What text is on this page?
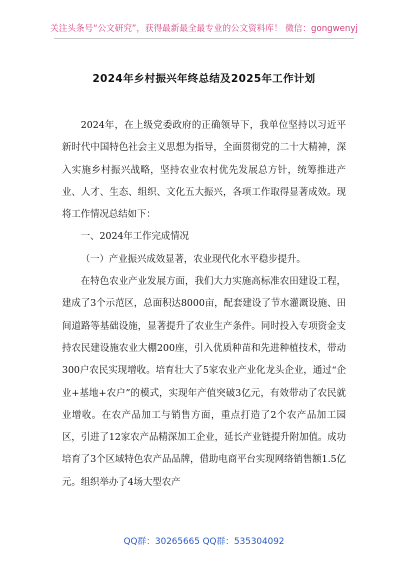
关注头条号“公文研究”，获得最新最全最专业的公文资料库！ 微信：gongwenyj
2024年乡村振兴年终总结及2025年工作计划

2024年，在上级党委政府的正确领导下，我单位坚持以习近平新时代中国特色社会主义思想为指导，全面贯彻党的二十大精神，深入实施乡村振兴战略，坚持农业农村优先发展总方针，统筹推进产业、人才、生态、组织、文化五大振兴，各项工作取得显著成效。现将工作情况总结如下：

一、2024年工作完成情况

（一）产业振兴成效显著，农业现代化水平稳步提升。

在特色农业产业发展方面，我们大力实施高标准农田建设工程，建成了3个示范区，总面积达8000亩，配套建设了节水灌溉设施、田间道路等基础设施，显著提升了农业生产条件。同时投入专项资金支持农民建设施农业大棚200座，引入优质种苗和先进种植技术，带动300户农民实现增收。培育壮大了5家农业产业化龙头企业，通过“企业+基地+农户”的模式，实现年产值突破3亿元，有效带动了农民就业增收。在农产品加工与销售方面，重点打造了2个农产品加工园区，引进了12家农产品精深加工企业，延长产业链提升附加值。成功培育了3个区域特色农产品品牌，借助电商平台实现网络销售额1.5亿元。组织举办了4场大型农产

QQ群：30265665 QQ群：535304092
